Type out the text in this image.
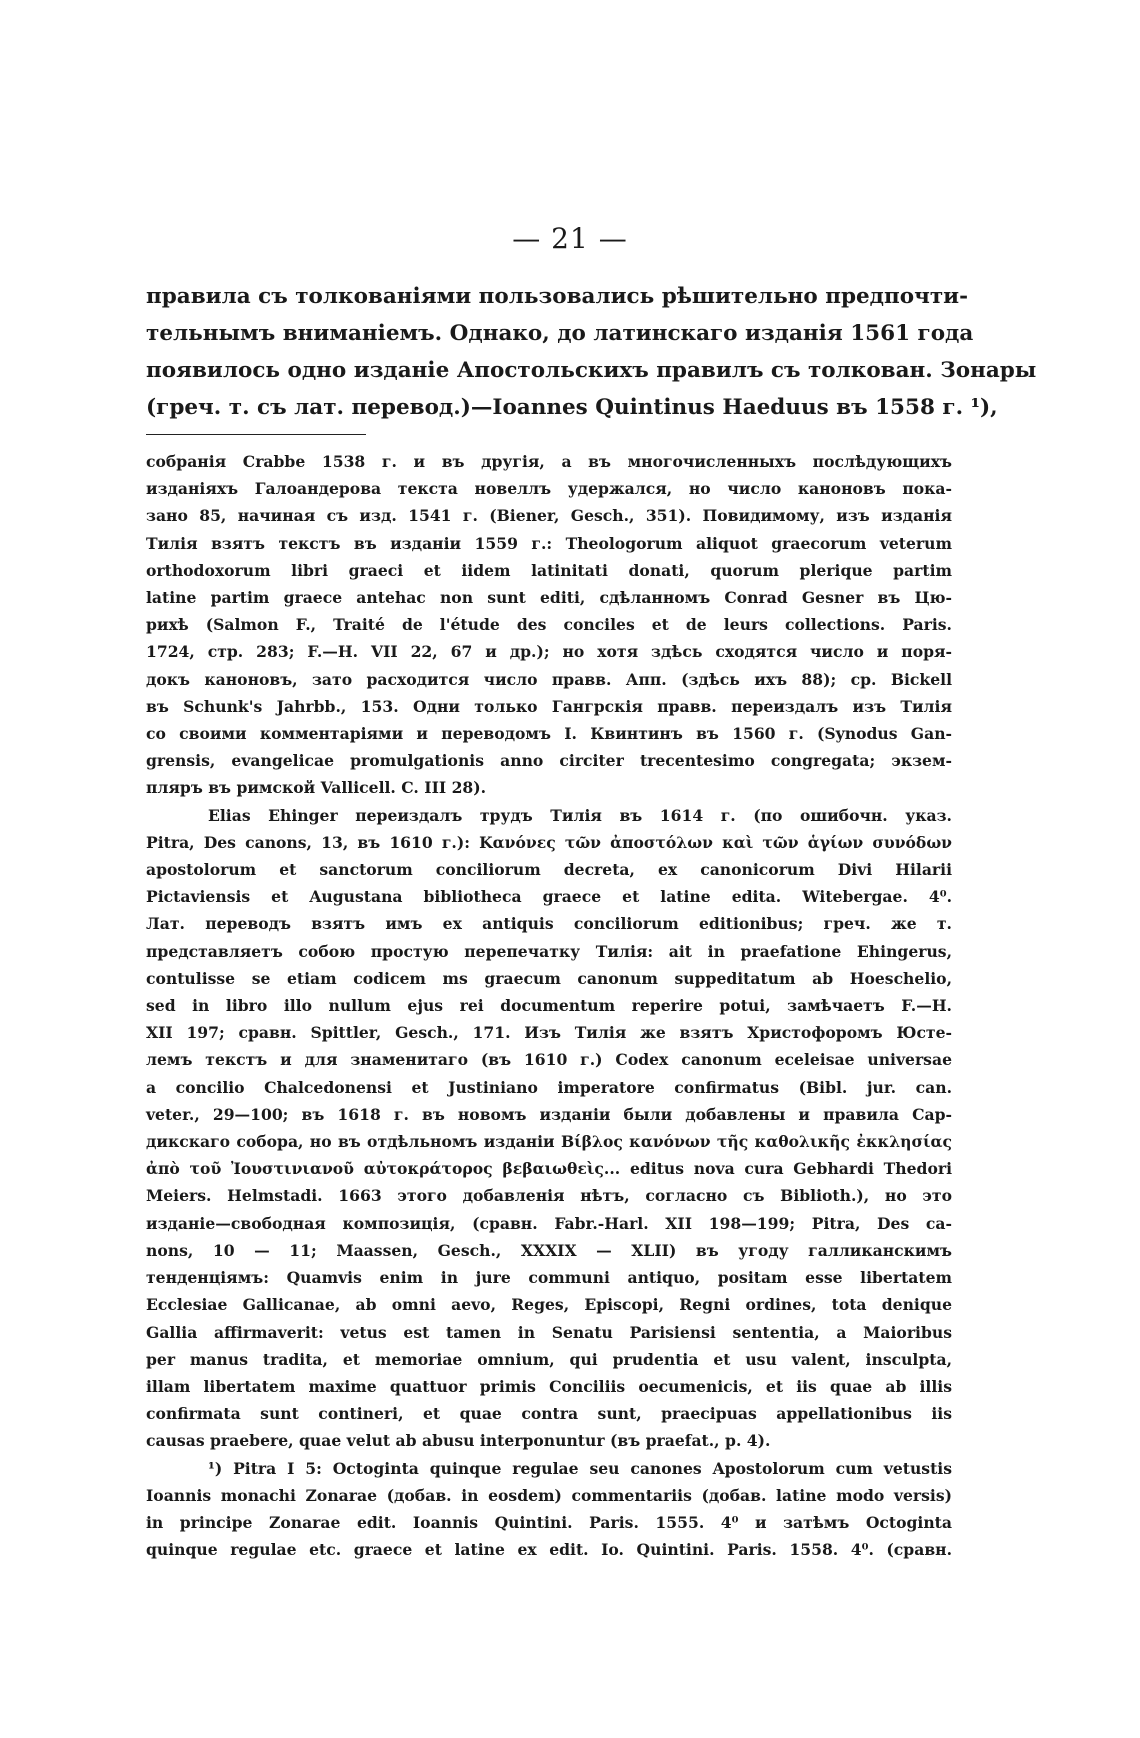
— 21 —
правила съ толкованіями пользовались рѣшительно предпочти-
тельнымъ вниманіемъ. Однако, до латинскаго изданія 1561 года
появилось одно изданіе Апостольскихъ правилъ съ толкован. Зонары
(греч. т. съ лат. перевод.)—Ioannes Quintinus Haeduus въ 1558 г. ¹),
собранія Crabbe 1538 г. и въ другія, а въ многочисленныхъ послѣдующихъ
изданіяхъ Галоандерова текста новеллъ удержался, но число каноновъ пока-
зано 85, начиная съ изд. 1541 г. (Biener, Gesch., 351). Повидимому, изъ изданія
Тилія взятъ текстъ въ изданіи 1559 г.: Theologorum aliquot graecorum veterum
orthodoxorum libri graeci et iidem latinitati donati, quorum plerique partim
latine partim graece antehac non sunt editi, сдѣланномъ Conrad Gesner въ Цю-
рихѣ (Salmon F., Traité de l'étude des conciles et de leurs collections. Paris.
1724, стр. 283; F.—H. VII 22, 67 и др.); но хотя здѣсь сходятся число и поря-
докъ каноновъ, зато расходится число правв. Апп. (здѣсь ихъ 88); ср. Bickell
въ Schunk's Jahrbb., 153. Одни только Гангрскія правв. переиздалъ изъ Тилія
со своими комментаріями и переводомъ I. Квинтинъ въ 1560 г. (Synodus Gan-
grensis, evangelicae promulgationis anno circiter trecentesimo congregata; экзем-
пляръ въ римской Vallicell. C. III 28).
Elias Ehinger переиздалъ трудъ Тилія въ 1614 г. (по ошибочн. указ.
Pitra, Des canons, 13, въ 1610 г.): Κανόνες τῶν ἀποστόλων καὶ τῶν ἁγίων συνόδων
apostolorum et sanctorum conciliorum decreta, ex canonicorum Divi Hilarii
Pictaviensis et Augustana bibliotheca graece et latine edita. Witebergae. 4⁰.
Лат. переводъ взятъ имъ ex antiquis conciliorum editionibus; греч. же т.
представляетъ собою простую перепечатку Тилія: ait in praefatione Ehingerus,
contulisse se etiam codicem ms graecum canonum suppeditatum ab Hoeschelio,
sed in libro illo nullum ejus rei documentum reperire potui, замѣчаетъ F.—H.
XII 197; сравн. Spittler, Gesch., 171. Изъ Тилія же взятъ Христофоромъ Юсте-
лемъ текстъ и для знаменитаго (въ 1610 г.) Codex canonum eceleisae universae
a concilio Chalcedonensi et Justiniano imperatore confirmatus (Bibl. jur. can.
veter., 29—100; въ 1618 г. въ новомъ изданіи были добавлены и правила Сар-
дикскаго собора, но въ отдѣльномъ изданіи Βίβλος κανόνων τῆς καθολικῆς ἐκκλησίας
ἀπὸ τοῦ Ἰουστινιανοῦ αὐτοκράτορος βεβαιωθεὶς... editus nova cura Gebhardi Thedori
Meiers. Helmstadi. 1663 этого добавленія нѣтъ, согласно съ Biblioth.), но это
изданіе—свободная композиція, (сравн. Fabr.-Harl. XII 198—199; Pitra, Des ca-
nons, 10 — 11; Maassen, Gesch., XXXIX — XLII) въ угоду галликанскимъ
тенденціямъ: Quamvis enim in jure communi antiquo, positam esse libertatem
Ecclesiae Gallicanae, ab omni aevo, Reges, Episcopi, Regni ordines, tota denique
Gallia affirmaverit: vetus est tamen in Senatu Parisiensi sententia, a Maioribus
per manus tradita, et memoriae omnium, qui prudentia et usu valent, insculpta,
illam libertatem maxime quattuor primis Conciliis oecumenicis, et iis quae ab illis
confirmata sunt contineri, et quae contra sunt, praecipuas appellationibus iis
causas praebere, quae velut ab abusu interponuntur (въ praefat., p. 4).
¹) Pitra I 5: Octoginta quinque regulae seu canones Apostolorum cum vetustis
Ioannis monachi Zonarae (добав. in eosdem) commentariis (добав. latine modo versis)
in principe Zonarae edit. Ioannis Quintini. Paris. 1555. 4⁰ и затѣмъ Octoginta
quinque regulae etc. graece et latine ex edit. Io. Quintini. Paris. 1558. 4⁰. (сравн.
